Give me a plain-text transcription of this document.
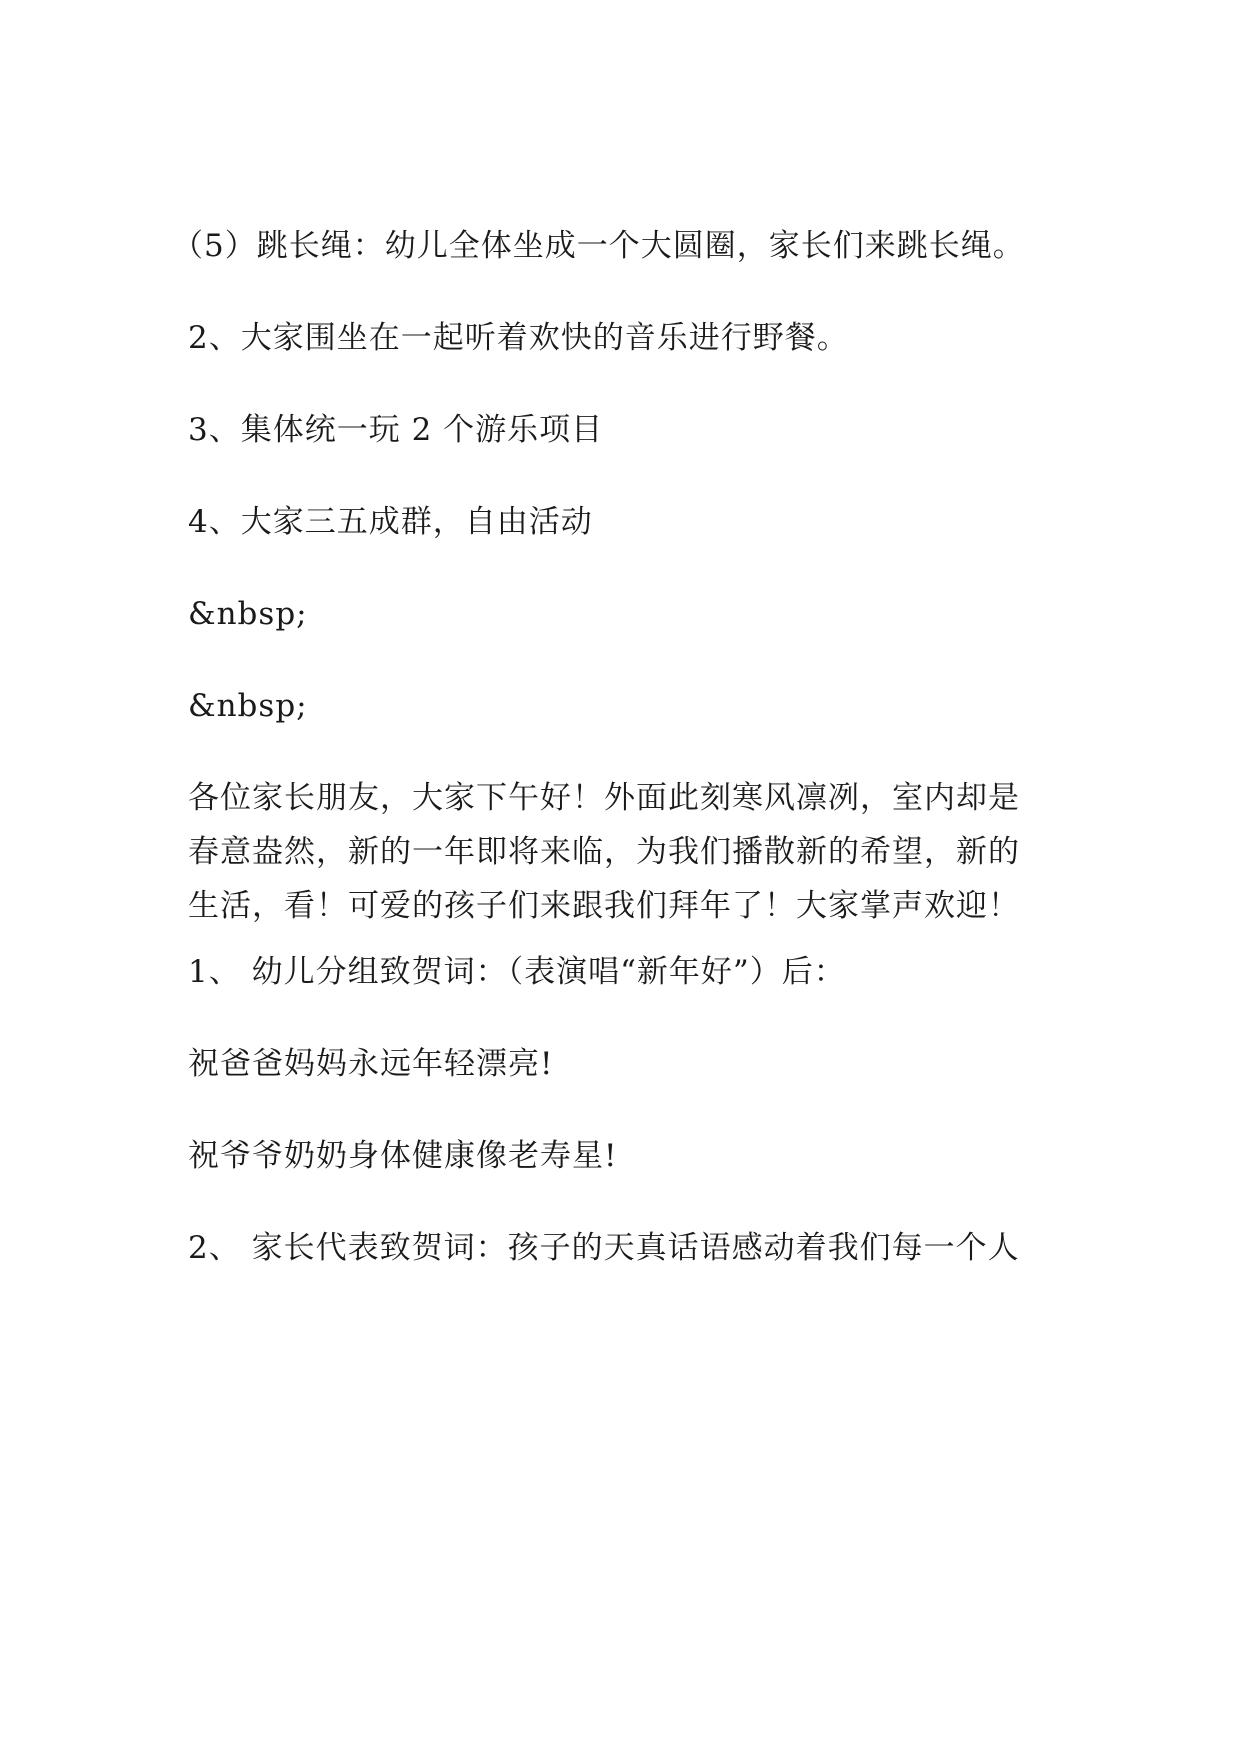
（5）跳长绳：幼儿全体坐成一个大圆圈，家长们来跳长绳。
2、大家围坐在一起听着欢快的音乐进行野餐。
3、集体统一玩 2 个游乐项目
4、大家三五成群，自由活动
&nbsp;
&nbsp;
各位家长朋友，大家下午好！外面此刻寒风凛冽，室内却是
春意盎然，新的一年即将来临，为我们播散新的希望，新的
生活，看！可爱的孩子们来跟我们拜年了！大家掌声欢迎！
1、 幼儿分组致贺词：（表演唱“新年好”）后：
祝爸爸妈妈永远年轻漂亮!
祝爷爷奶奶身体健康像老寿星!
2、 家长代表致贺词：孩子的天真话语感动着我们每一个人
